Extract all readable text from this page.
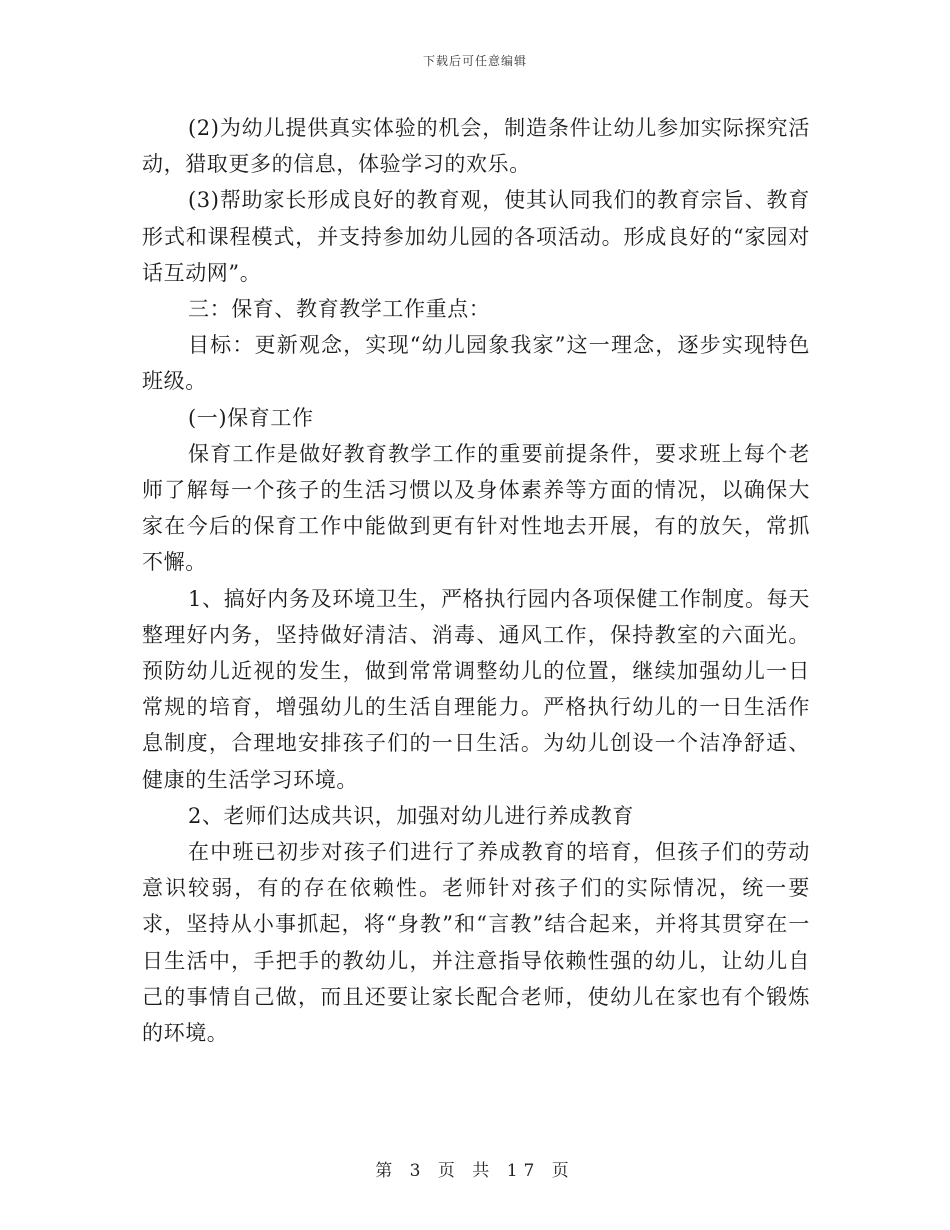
下载后可任意编辑

(2)为幼儿提供真实体验的机会，制造条件让幼儿参加实际探究活动，猎取更多的信息，体验学习的欢乐。

(3)帮助家长形成良好的教育观，使其认同我们的教育宗旨、教育形式和课程模式，并支持参加幼儿园的各项活动。形成良好的“家园对话互动网”。

三：保育、教育教学工作重点：

目标：更新观念，实现“幼儿园象我家”这一理念，逐步实现特色班级。

(一)保育工作

保育工作是做好教育教学工作的重要前提条件，要求班上每个老师了解每一个孩子的生活习惯以及身体素养等方面的情况，以确保大家在今后的保育工作中能做到更有针对性地去开展，有的放矢，常抓不懈。

1、搞好内务及环境卫生，严格执行园内各项保健工作制度。每天整理好内务，坚持做好清洁、消毒、通风工作，保持教室的六面光。预防幼儿近视的发生，做到常常调整幼儿的位置，继续加强幼儿一日常规的培育，增强幼儿的生活自理能力。严格执行幼儿的一日生活作息制度，合理地安排孩子们的一日生活。为幼儿创设一个洁净舒适、健康的生活学习环境。

2、老师们达成共识，加强对幼儿进行养成教育

在中班已初步对孩子们进行了养成教育的培育，但孩子们的劳动意识较弱，有的存在依赖性。老师针对孩子们的实际情况，统一要求，坚持从小事抓起，将“身教”和“言教”结合起来，并将其贯穿在一日生活中，手把手的教幼儿，并注意指导依赖性强的幼儿，让幼儿自己的事情自己做，而且还要让家长配合老师，使幼儿在家也有个锻炼的环境。

第 3 页 共 17 页
